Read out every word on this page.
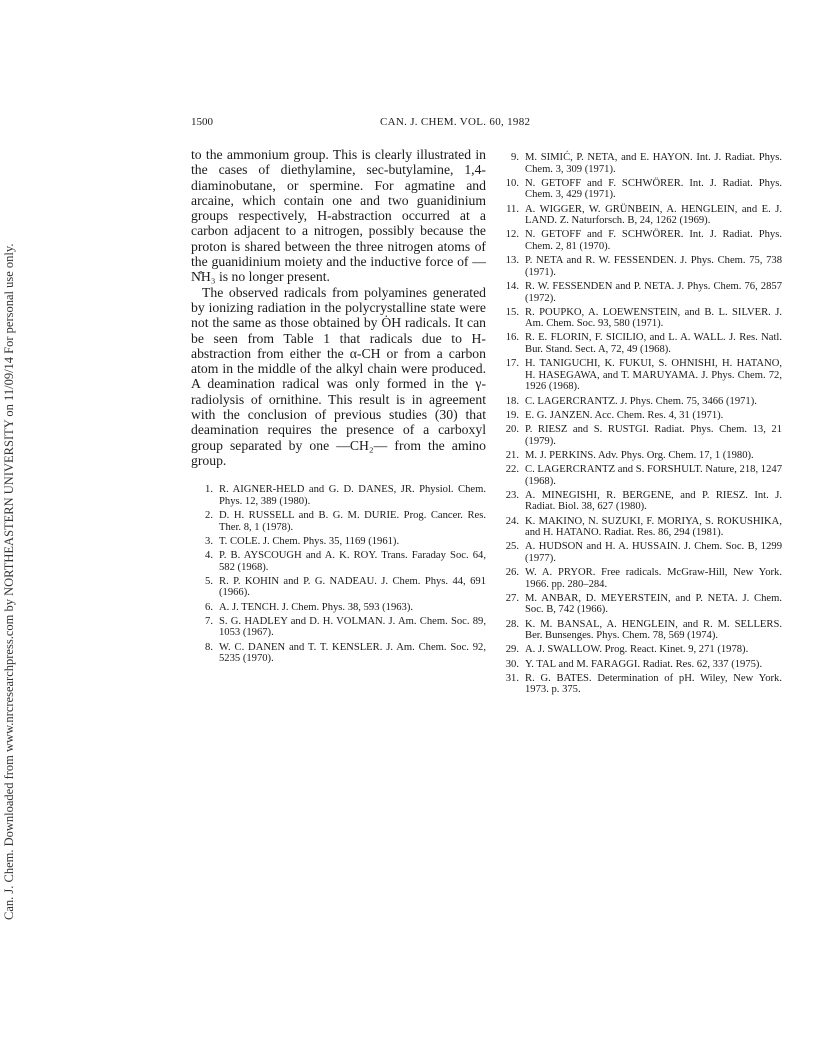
Can. J. Chem. Downloaded from www.nrcresearchpress.com by NORTHEASTERN UNIVERSITY on 11/09/14 For personal use only.
1500	CAN. J. CHEM. VOL. 60, 1982

to the ammonium group. This is clearly illustrated in the cases of diethylamine, sec-butylamine, 1,4-diaminobutane, or spermine. For agmatine and arcaine, which contain one and two guanidinium groups respectively, H-abstraction occurred at a carbon adjacent to a nitrogen, possibly because the proton is shared between the three nitrogen atoms of the guanidinium moiety and the inductive force of —N̊H₃ is no longer present.

The observed radicals from polyamines generated by ionizing radiation in the polycrystalline state were not the same as those obtained by ȮH radicals. It can be seen from Table 1 that radicals due to H-abstraction from either the α-CH or from a carbon atom in the middle of the alkyl chain were produced. A deamination radical was only formed in the γ-radiolysis of ornithine. This result is in agreement with the conclusion of previous studies (30) that deamination requires the presence of a carboxyl group separated by one —CH₂— from the amino group.

1. R. AIGNER-HELD and G. D. DANES, JR. Physiol. Chem. Phys. 12, 389 (1980).
2. D. H. RUSSELL and B. G. M. DURIE. Prog. Cancer. Res. Ther. 8, 1 (1978).
3. T. COLE. J. Chem. Phys. 35, 1169 (1961).
4. P. B. AYSCOUGH and A. K. ROY. Trans. Faraday Soc. 64, 582 (1968).
5. R. P. KOHIN and P. G. NADEAU. J. Chem. Phys. 44, 691 (1966).
6. A. J. TENCH. J. Chem. Phys. 38, 593 (1963).
7. S. G. HADLEY and D. H. VOLMAN. J. Am. Chem. Soc. 89, 1053 (1967).
8. W. C. DANEN and T. T. KENSLER. J. Am. Chem. Soc. 92, 5235 (1970).
9. M. SIMIĆ, P. NETA, and E. HAYON. Int. J. Radiat. Phys. Chem. 3, 309 (1971).
10. N. GETOFF and F. SCHWÖRER. Int. J. Radiat. Phys. Chem. 3, 429 (1971).
11. A. WIGGER, W. GRÜNBEIN, A. HENGLEIN, and E. J. LAND. Z. Naturforsch. B, 24, 1262 (1969).
12. N. GETOFF and F. SCHWÖRER. Int. J. Radiat. Phys. Chem. 2, 81 (1970).
13. P. NETA and R. W. FESSENDEN. J. Phys. Chem. 75, 738 (1971).
14. R. W. FESSENDEN and P. NETA. J. Phys. Chem. 76, 2857 (1972).
15. R. POUPKO, A. LOEWENSTEIN, and B. L. SILVER. J. Am. Chem. Soc. 93, 580 (1971).
16. R. E. FLORIN, F. SICILIO, and L. A. WALL. J. Res. Natl. Bur. Stand. Sect. A, 72, 49 (1968).
17. H. TANIGUCHI, K. FUKUI, S. OHNISHI, H. HATANO, H. HASEGAWA, and T. MARUYAMA. J. Phys. Chem. 72, 1926 (1968).
18. C. LAGERCRANTZ. J. Phys. Chem. 75, 3466 (1971).
19. E. G. JANZEN. Acc. Chem. Res. 4, 31 (1971).
20. P. RIESZ and S. RUSTGI. Radiat. Phys. Chem. 13, 21 (1979).
21. M. J. PERKINS. Adv. Phys. Org. Chem. 17, 1 (1980).
22. C. LAGERCRANTZ and S. FORSHULT. Nature, 218, 1247 (1968).
23. A. MINEGISHI, R. BERGENE, and P. RIESZ. Int. J. Radiat. Biol. 38, 627 (1980).
24. K. MAKINO, N. SUZUKI, F. MORIYA, S. ROKUSHIKA, and H. HATANO. Radiat. Res. 86, 294 (1981).
25. A. HUDSON and H. A. HUSSAIN. J. Chem. Soc. B, 1299 (1977).
26. W. A. PRYOR. Free radicals. McGraw-Hill, New York. 1966. pp. 280–284.
27. M. ANBAR, D. MEYERSTEIN, and P. NETA. J. Chem. Soc. B, 742 (1966).
28. K. M. BANSAL, A. HENGLEIN, and R. M. SELLERS. Ber. Bunsenges. Phys. Chem. 78, 569 (1974).
29. A. J. SWALLOW. Prog. React. Kinet. 9, 271 (1978).
30. Y. TAL and M. FARAGGI. Radiat. Res. 62, 337 (1975).
31. R. G. BATES. Determination of pH. Wiley, New York. 1973. p. 375.
